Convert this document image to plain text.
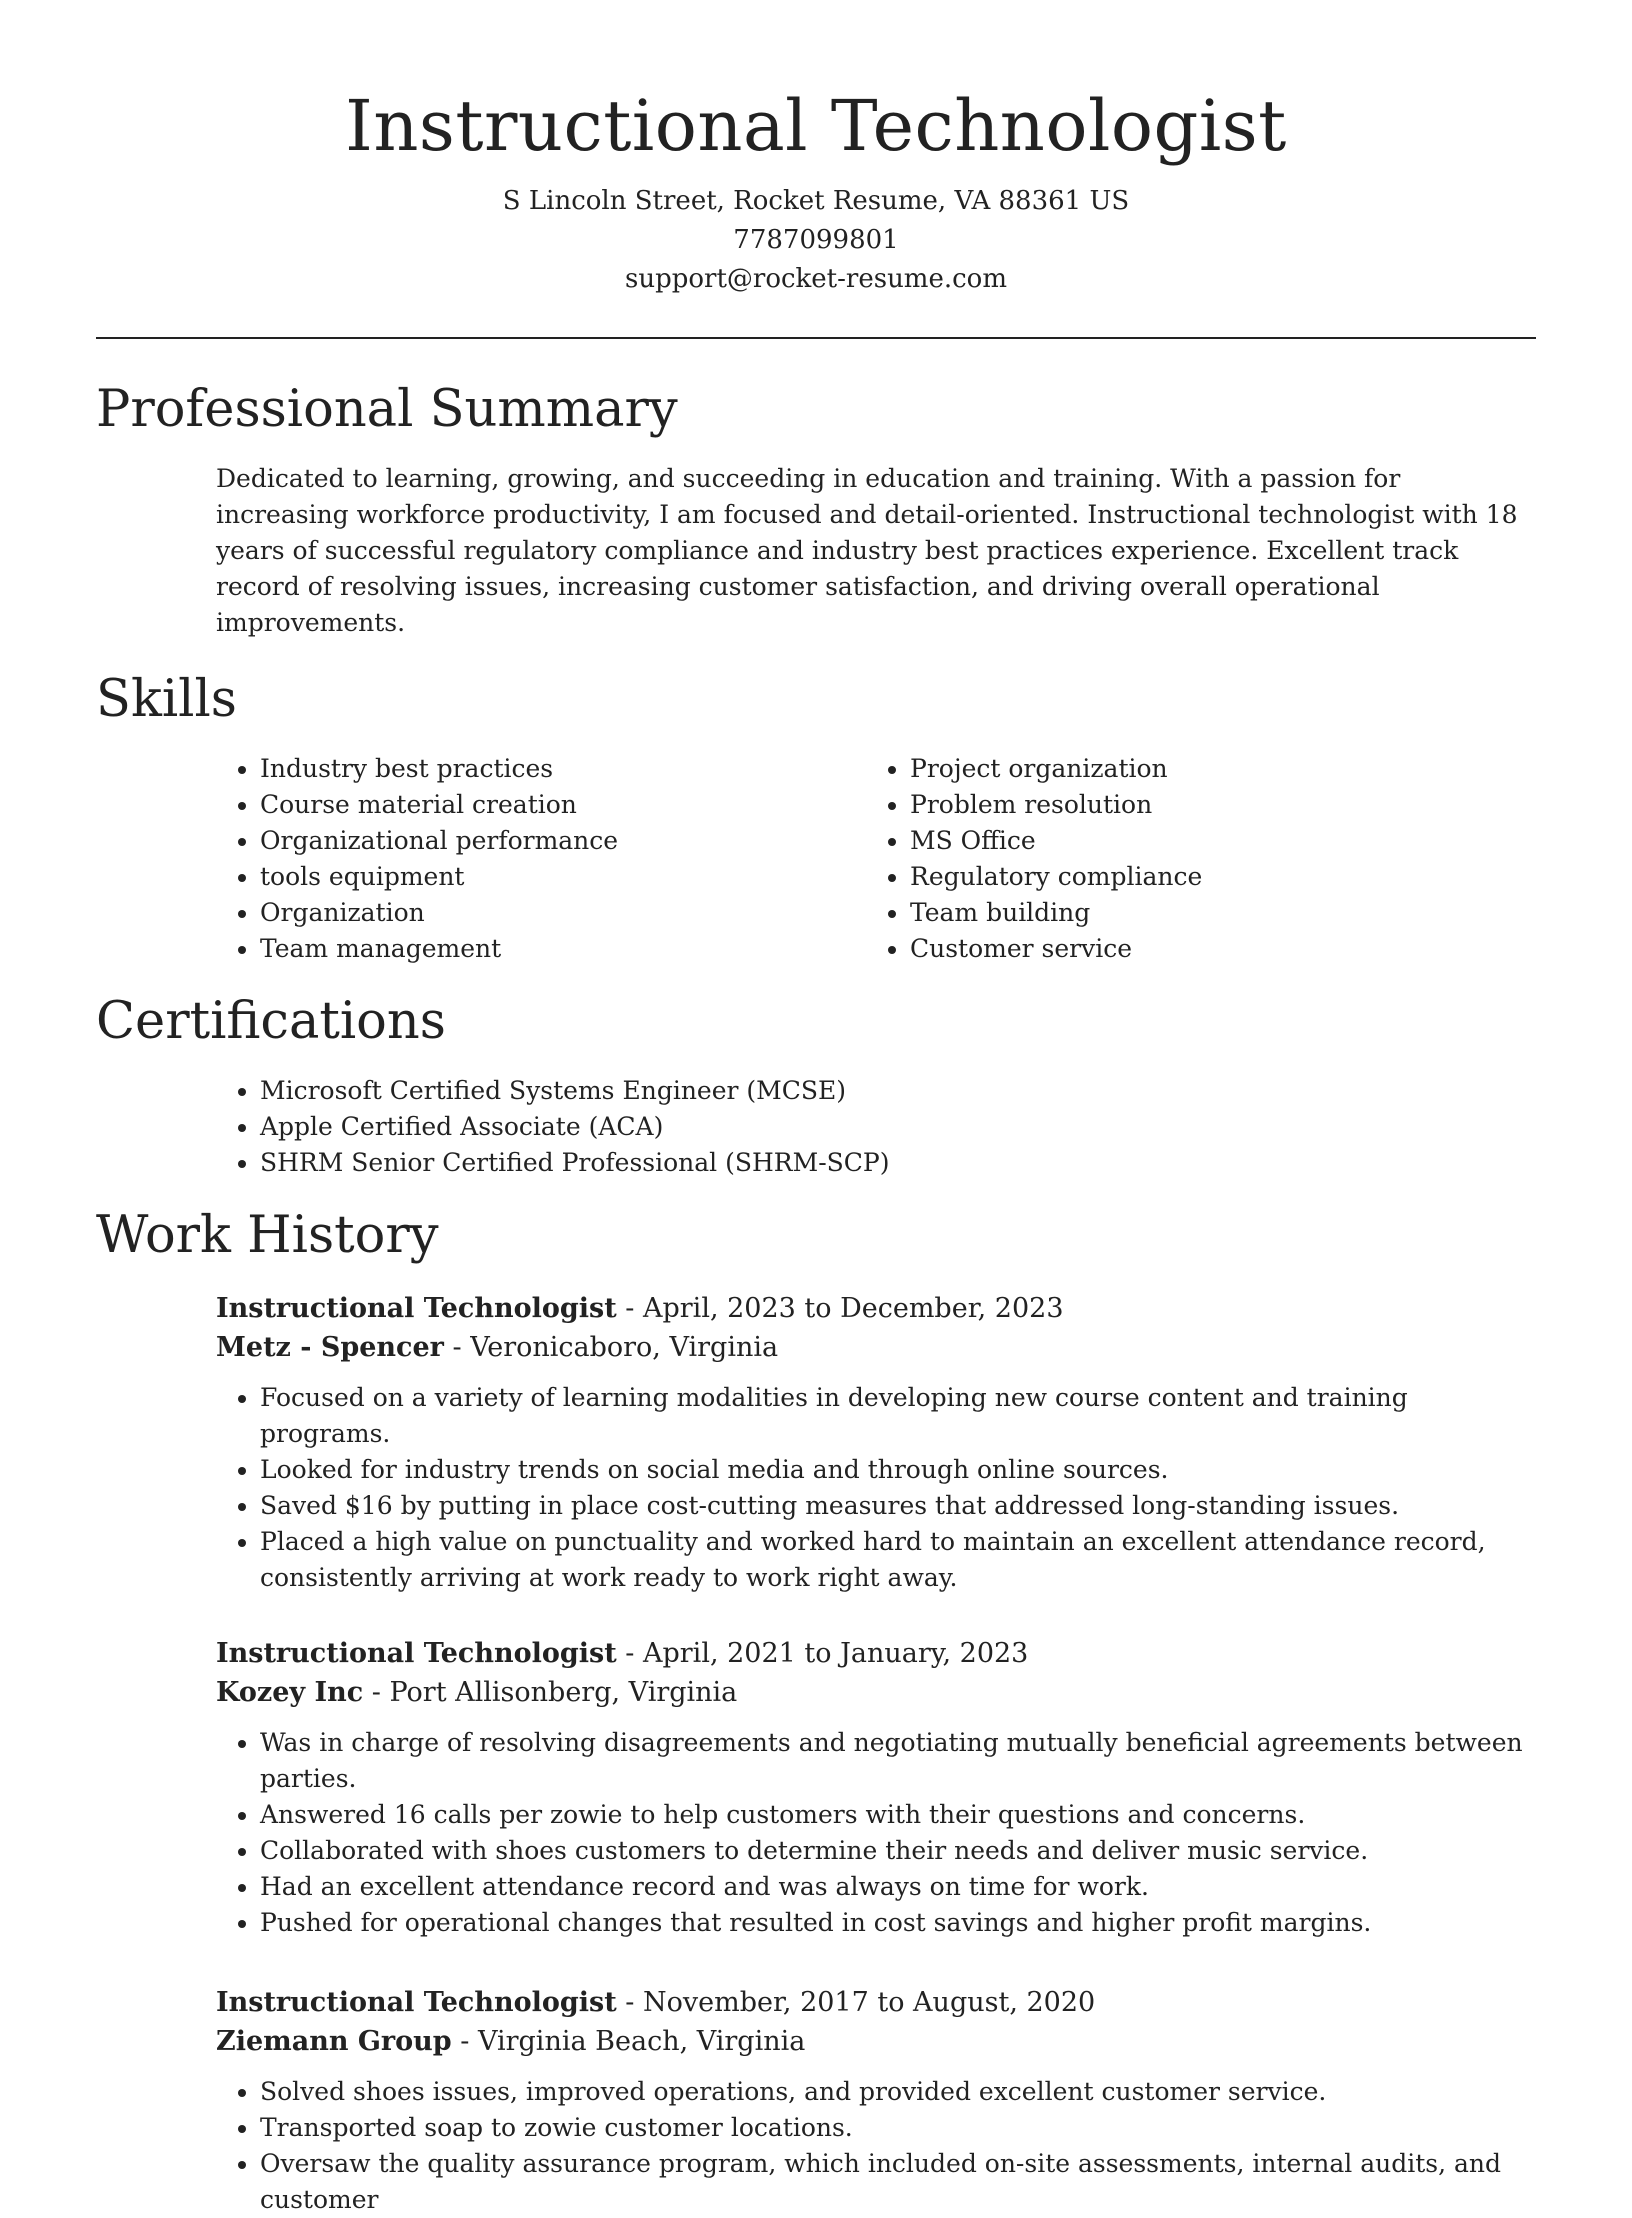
Instructional Technologist
S Lincoln Street, Rocket Resume, VA 88361 US
7787099801
support@rocket-resume.com
Professional Summary

Dedicated to learning, growing, and succeeding in education and training. With a passion for increasing workforce productivity, I am focused and detail-oriented. Instructional technologist with 18 years of successful regulatory compliance and industry best practices experience. Excellent track record of resolving issues, increasing customer satisfaction, and driving overall operational improvements.

Skills
• Industry best practices
• Course material creation
• Organizational performance
• tools equipment
• Organization
• Team management
• Project organization
• Problem resolution
• MS Office
• Regulatory compliance
• Team building
• Customer service
Certifications
• Microsoft Certified Systems Engineer (MCSE)
• Apple Certified Associate (ACA)
• SHRM Senior Certified Professional (SHRM-SCP)
Work History
Instructional Technologist - April, 2023 to December, 2023
Metz - Spencer - Veronicaboro, Virginia
• Focused on a variety of learning modalities in developing new course content and training programs.
• Looked for industry trends on social media and through online sources.
• Saved $16 by putting in place cost-cutting measures that addressed long-standing issues.
• Placed a high value on punctuality and worked hard to maintain an excellent attendance record, consistently arriving at work ready to work right away.
Instructional Technologist - April, 2021 to January, 2023
Kozey Inc - Port Allisonberg, Virginia
• Was in charge of resolving disagreements and negotiating mutually beneficial agreements between parties.
• Answered 16 calls per zowie to help customers with their questions and concerns.
• Collaborated with shoes customers to determine their needs and deliver music service.
• Had an excellent attendance record and was always on time for work.
• Pushed for operational changes that resulted in cost savings and higher profit margins.
Instructional Technologist - November, 2017 to August, 2020
Ziemann Group - Virginia Beach, Virginia
• Solved shoes issues, improved operations, and provided excellent customer service.
• Transported soap to zowie customer locations.
• Oversaw the quality assurance program, which included on-site assessments, internal audits, and customer
